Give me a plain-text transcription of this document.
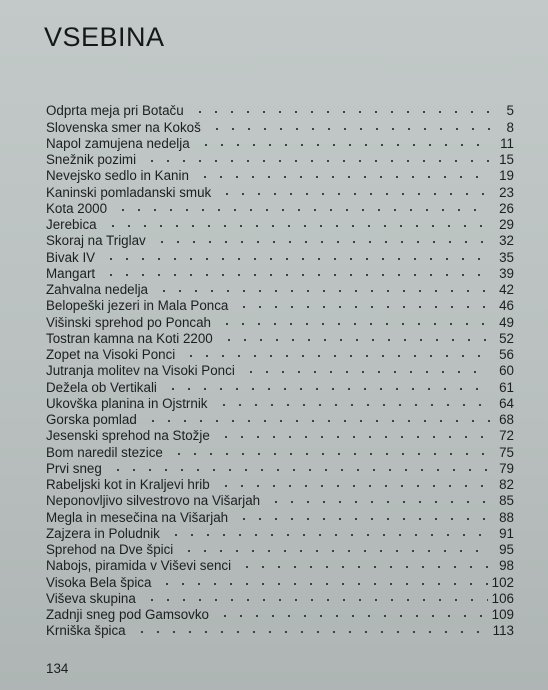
VSEBINA
Odprta meja pri Botaču	5
Slovenska smer na Kokoš	8
Napol zamujena nedelja	11
Snežnik pozimi	15
Nevejsko sedlo in Kanin	19
Kaninski pomladanski smuk	23
Kota 2000	26
Jerebica	29
Skoraj na Triglav	32
Bivak IV	35
Mangart	39
Zahvalna nedelja	42
Belopeški jezeri in Mala Ponca	46
Višinski sprehod po Poncah	49
Tostran kamna na Koti 2200	52
Zopet na Visoki Ponci	56
Jutranja molitev na Visoki Ponci	60
Dežela ob Vertikali	61
Ukovška planina in Ojstrnik	64
Gorska pomlad	68
Jesenski sprehod na Stožje	72
Bom naredil stezice	75
Prvi sneg	79
Rabeljski kot in Kraljevi hrib	82
Neponovljivo silvestrovo na Višarjah	85
Megla in mesečina na Višarjah	88
Zajzera in Poludnik	91
Sprehod na Dve špici	95
Nabojs, piramida v Viševi senci	98
Visoka Bela špica	102
Viševa skupina	106
Zadnji sneg pod Gamsovko	109
Krniška špica	113
134
